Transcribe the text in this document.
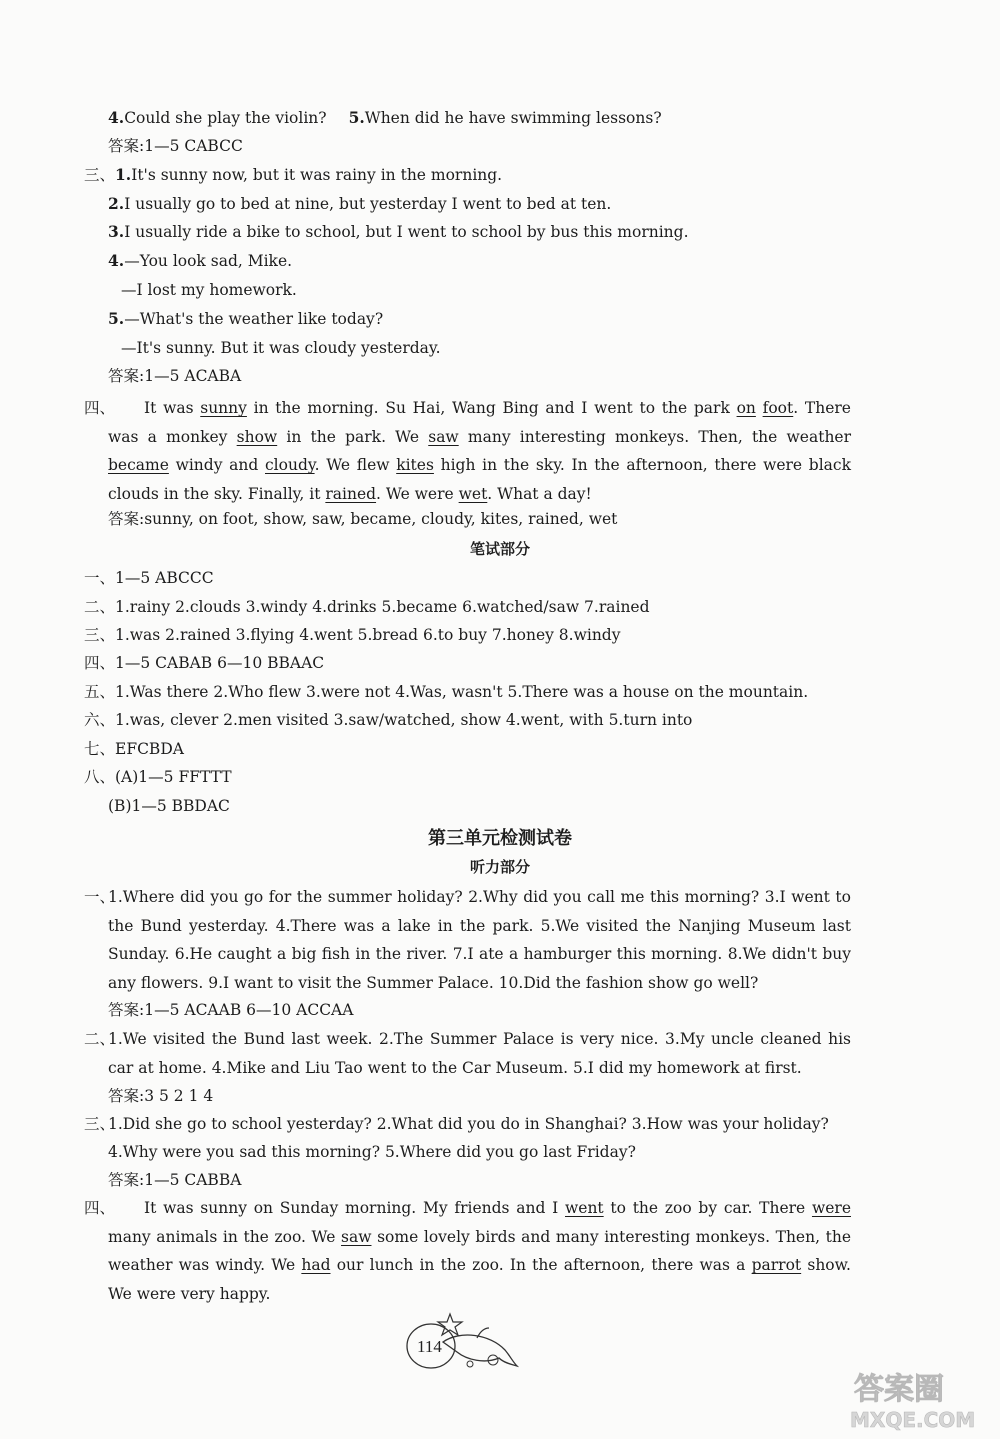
4.Could she play the violin? 5.When did he have swimming lessons?
答案:1—5 CABCC
三、1.It's sunny now, but it was rainy in the morning.
2.I usually go to bed at nine, but yesterday I went to bed at ten.
3.I usually ride a bike to school, but I went to school by bus this morning.
4.—You look sad, Mike.
—I lost my homework.
5.—What's the weather like today?
—It's sunny. But it was cloudy yesterday.
答案:1—5 ACABA
四、	It was sunny in the morning. Su Hai, Wang Bing and I went to the park on foot. There was a monkey show in the park. We saw many interesting monkeys. Then, the weather became windy and cloudy. We flew kites high in the sky. In the afternoon, there were black clouds in the sky. Finally, it rained. We were wet. What a day!
答案:sunny, on foot, show, saw, became, cloudy, kites, rained, wet
笔试部分
一、1—5 ABCCC
二、1.rainy 2.clouds 3.windy 4.drinks 5.became 6.watched/saw 7.rained
三、1.was 2.rained 3.flying 4.went 5.bread 6.to buy 7.honey 8.windy
四、1—5 CABAB 6—10 BBAAC
五、1.Was there 2.Who flew 3.were not 4.Was, wasn't 5.There was a house on the mountain.
六、1.was, clever 2.men visited 3.saw/watched, show 4.went, with 5.turn into
七、EFCBDA
八、(A)1—5 FFTTT
(B)1—5 BBDAC
第三单元检测试卷
听力部分
一、
1.Where did you go for the summer holiday? 2.Why did you call me this morning? 3.I went to the Bund yesterday. 4.There was a lake in the park. 5.We visited the Nanjing Museum last Sunday. 6.He caught a big fish in the river. 7.I ate a hamburger this morning. 8.We didn't buy any flowers. 9.I want to visit the Summer Palace. 10.Did the fashion show go well?
答案:1—5 ACAAB 6—10 ACCAA
二、
1.We visited the Bund last week. 2.The Summer Palace is very nice. 3.My uncle cleaned his car at home. 4.Mike and Liu Tao went to the Car Museum. 5.I did my homework at first.
答案:3 5 2 1 4
三、
1.Did she go to school yesterday? 2.What did you do in Shanghai? 3.How was your holiday?
4.Why were you sad this morning? 5.Where did you go last Friday?
答案:1—5 CABBA
四、	It was sunny on Sunday morning. My friends and I went to the zoo by car. There were many animals in the zoo. We saw some lovely birds and many interesting monkeys. Then, the weather was windy. We had our lunch in the zoo. In the afternoon, there was a parrot show. We were very happy.
114
答案圈
MXQE.COM
